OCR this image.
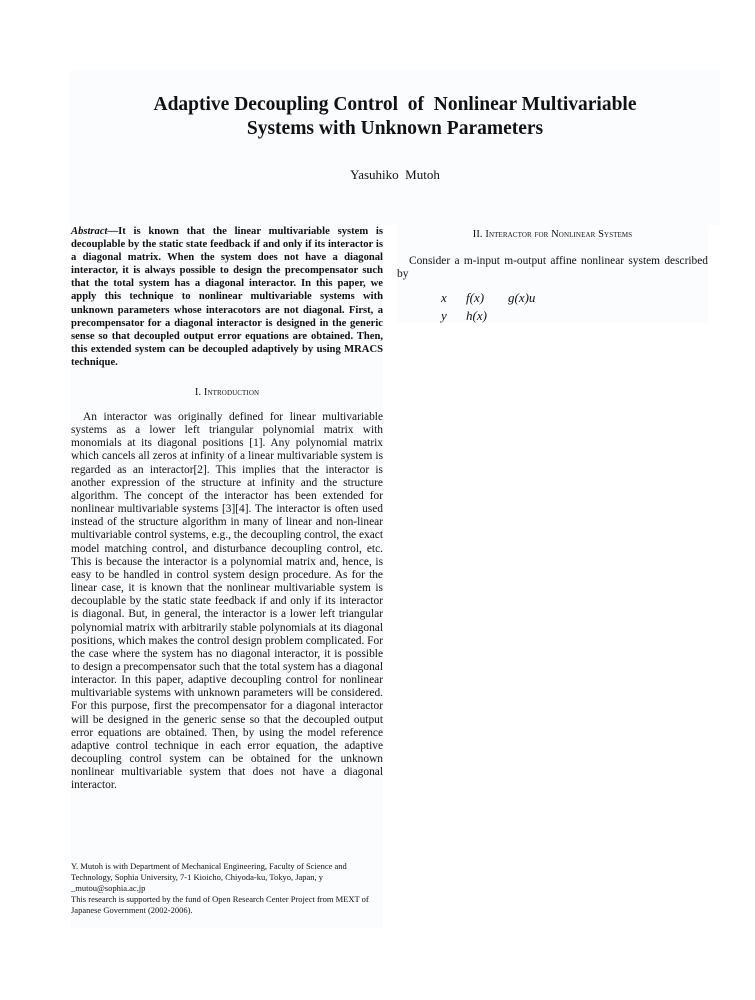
Adaptive Decoupling Control  of  Nonlinear Multivariable
Systems with Unknown Parameters
Yasuhiko  Mutoh

Abstract—It is known that the linear multivariable system is decouplable by the static state feedback if and only if its interactor is a diagonal matrix. When the system does not have a diagonal interactor, it is always possible to design the precompensator such that the total system has a diagonal interactor. In this paper, we apply this technique to nonlinear multivariable systems with unknown parameters whose interacotors are not diagonal. First, a precompensator for a diagonal interactor is designed in the generic sense so that decoupled output error equations are obtained. Then, this extended system can be decoupled adaptively by using MRACS technique.

I. Introduction

An interactor was originally defined for linear multivariable systems as a lower left triangular polynomial matrix with monomials at its diagonal positions [1]. Any polynomial matrix which cancels all zeros at infinity of a linear multivariable system is regarded as an interactor[2]. This implies that the interactor is another expression of the structure at infinity and the structure algorithm. The concept of the interactor has been extended for nonlinear multivariable systems [3][4]. The interactor is often used instead of the structure algorithm in many of linear and non-linear multivariable control systems, e.g., the decoupling control, the exact model matching control, and disturbance decoupling control, etc. This is because the interactor is a polynomial matrix and, hence, is easy to be handled in control system design procedure. As for the linear case, it is known that the nonlinear multivariable system is decouplable by the static state feedback if and only if its interactor is diagonal. But, in general, the interactor is a lower left triangular polynomial matrix with arbitrarily stable polynomials at its diagonal positions, which makes the control design problem complicated. For the case where the system has no diagonal interactor, it is possible to design a precompensator such that the total system has a diagonal interactor. In this paper, adaptive decoupling control for nonlinear multivariable systems with unknown parameters will be considered. For this purpose, first the precompensator for a diagonal interactor will be designed in the generic sense so that the decoupled output error equations are obtained. Then, by using the model reference adaptive control technique in each error equation, the adaptive decoupling control system can be obtained for the unknown nonlinear multivariable system that does not have a diagonal interactor.

Y. Mutoh is with Department of Mechanical Engineering, Faculty of Science and Technology, Sophia University, 7-1 Kioicho, Chiyoda-ku, Tokyo, Japan, y _mutou@sophia.ac.jp

This research is supported by the fund of Open Research Center Project from MEXT of Japanese Government (2002-2006).

II. Interactor for Nonlinear Systems

Consider a m-input m-output affine nonlinear system described by

x	f(x)	g(x)u
y	h(x)
